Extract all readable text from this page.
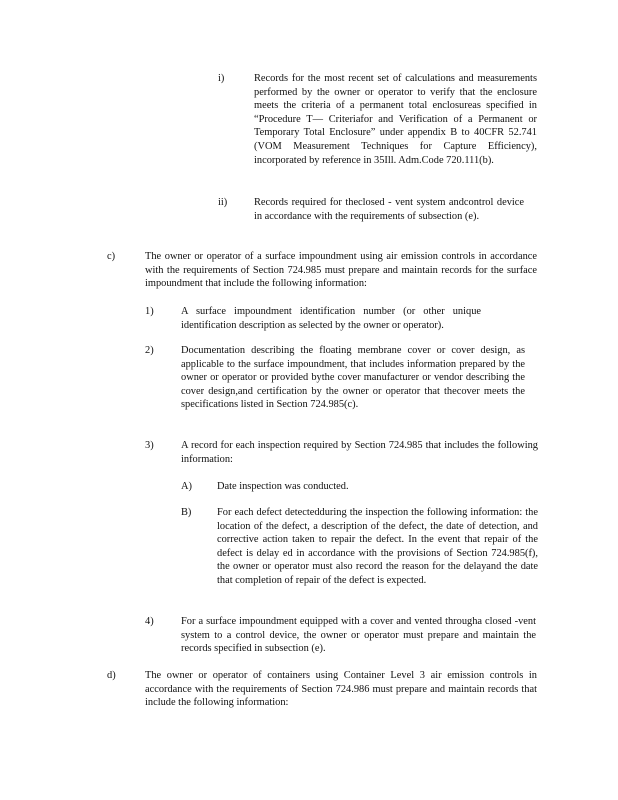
i)	Records for the most recent set of calculations and measurements performed by the owner or operator to verify that the enclosure meets the criteria of a permanent total enclosureas specified in “Procedure T— Criteriafor and Verification of a Permanent or Temporary Total Enclosure” under appendix B to 40CFR 52.741 (VOM Measurement Techniques for Capture Efficiency), incorporated by reference in 35Ill. Adm.Code 720.111(b).
ii)	Records required for theclosed - vent system andcontrol device in accordance with the requirements of subsection (e).
c)	The owner or operator of a surface impoundment using air emission controls in accordance with the requirements of Section 724.985 must prepare and maintain records for the surface impoundment that include the following information:
1)	A surface impoundment identification number (or other unique identification description as selected by the owner or operator).
2)	Documentation describing the floating membrane cover or cover design, as applicable to the surface impoundment, that includes information prepared by the owner or operator or provided bythe cover manufacturer or vendor describing the cover design,and certification by the owner or operator that thecover meets the specifications listed in Section 724.985(c).
3)	A record for each inspection required by Section 724.985 that includes the following information:
A) Date inspection was conducted.
B) For each defect detectedduring the inspection the following information: the location of the defect, a description of the defect, the date of detection, and corrective action taken to repair the defect. In the event that repair of the defect is delay ed in accordance with the provisions of Section 724.985(f), the owner or operator must also record the reason for the delayand the date that completion of repair of the defect is expected.
4)	For a surface impoundment equipped with a cover and vented througha closed -vent system to a control device, the owner or operator must prepare and maintain the records specified in subsection (e).
d)	The owner or operator of containers using Container Level 3 air emission controls in accordance with the requirements of Section 724.986 must prepare and maintain records that include the following information:
